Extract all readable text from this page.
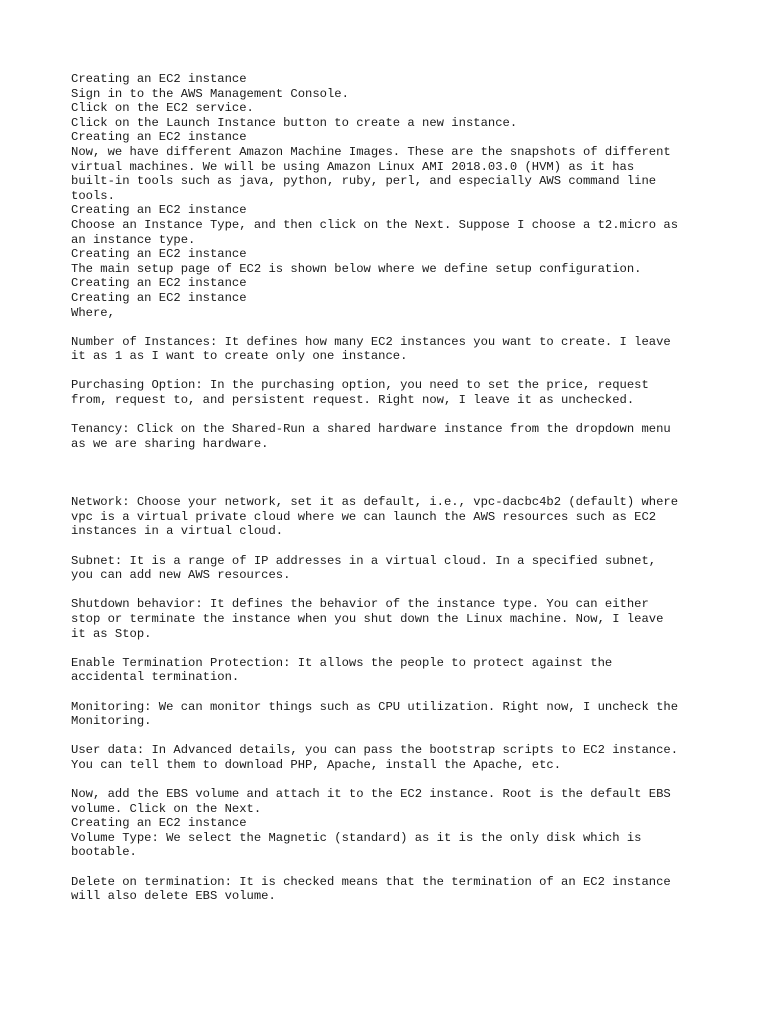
Creating an EC2 instance
Sign in to the AWS Management Console.
Click on the EC2 service.
Click on the Launch Instance button to create a new instance.
Creating an EC2 instance
Now, we have different Amazon Machine Images. These are the snapshots of different
virtual machines. We will be using Amazon Linux AMI 2018.03.0 (HVM) as it has
built-in tools such as java, python, ruby, perl, and especially AWS command line
tools.
Creating an EC2 instance
Choose an Instance Type, and then click on the Next. Suppose I choose a t2.micro as
an instance type.
Creating an EC2 instance
The main setup page of EC2 is shown below where we define setup configuration.
Creating an EC2 instance
Creating an EC2 instance
Where,
Number of Instances: It defines how many EC2 instances you want to create. I leave
it as 1 as I want to create only one instance.
Purchasing Option: In the purchasing option, you need to set the price, request
from, request to, and persistent request. Right now, I leave it as unchecked.
Tenancy: Click on the Shared-Run a shared hardware instance from the dropdown menu
as we are sharing hardware.
Network: Choose your network, set it as default, i.e., vpc-dacbc4b2 (default) where
vpc is a virtual private cloud where we can launch the AWS resources such as EC2
instances in a virtual cloud.
Subnet: It is a range of IP addresses in a virtual cloud. In a specified subnet,
you can add new AWS resources.
Shutdown behavior: It defines the behavior of the instance type. You can either
stop or terminate the instance when you shut down the Linux machine. Now, I leave
it as Stop.
Enable Termination Protection: It allows the people to protect against the
accidental termination.
Monitoring: We can monitor things such as CPU utilization. Right now, I uncheck the
Monitoring.
User data: In Advanced details, you can pass the bootstrap scripts to EC2 instance.
You can tell them to download PHP, Apache, install the Apache, etc.
Now, add the EBS volume and attach it to the EC2 instance. Root is the default EBS
volume. Click on the Next.
Creating an EC2 instance
Volume Type: We select the Magnetic (standard) as it is the only disk which is
bootable.
Delete on termination: It is checked means that the termination of an EC2 instance
will also delete EBS volume.
